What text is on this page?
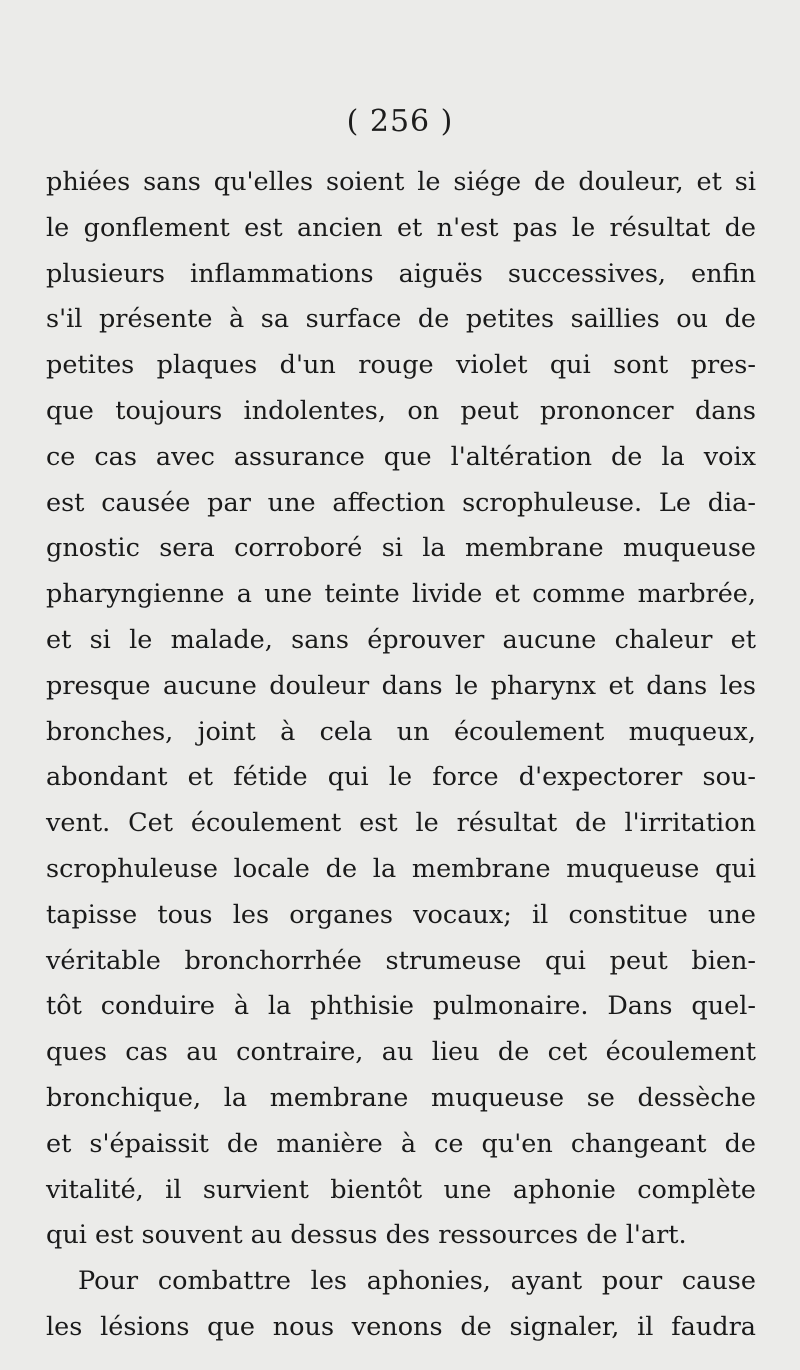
( 256 )
phiées sans qu'elles soient le siége de douleur, et si
le gonflement est ancien et n'est pas le résultat de
plusieurs inflammations aiguës successives, enfin
s'il présente à sa surface de petites saillies ou de
petites plaques d'un rouge violet qui sont pres-
que toujours indolentes, on peut prononcer dans
ce cas avec assurance que l'altération de la voix
est causée par une affection scrophuleuse. Le dia-
gnostic sera corroboré si la membrane muqueuse
pharyngienne a une teinte livide et comme marbrée,
et si le malade, sans éprouver aucune chaleur et
presque aucune douleur dans le pharynx et dans les
bronches, joint à cela un écoulement muqueux,
abondant et fétide qui le force d'expectorer sou-
vent. Cet écoulement est le résultat de l'irritation
scrophuleuse locale de la membrane muqueuse qui
tapisse tous les organes vocaux; il constitue une
véritable bronchorrhée strumeuse qui peut bien-
tôt conduire à la phthisie pulmonaire. Dans quel-
ques cas au contraire, au lieu de cet écoulement
bronchique, la membrane muqueuse se dessèche
et s'épaissit de manière à ce qu'en changeant de
vitalité, il survient bientôt une aphonie complète
qui est souvent au dessus des ressources de l'art.
Pour combattre les aphonies, ayant pour cause
les lésions que nous venons de signaler, il faudra
